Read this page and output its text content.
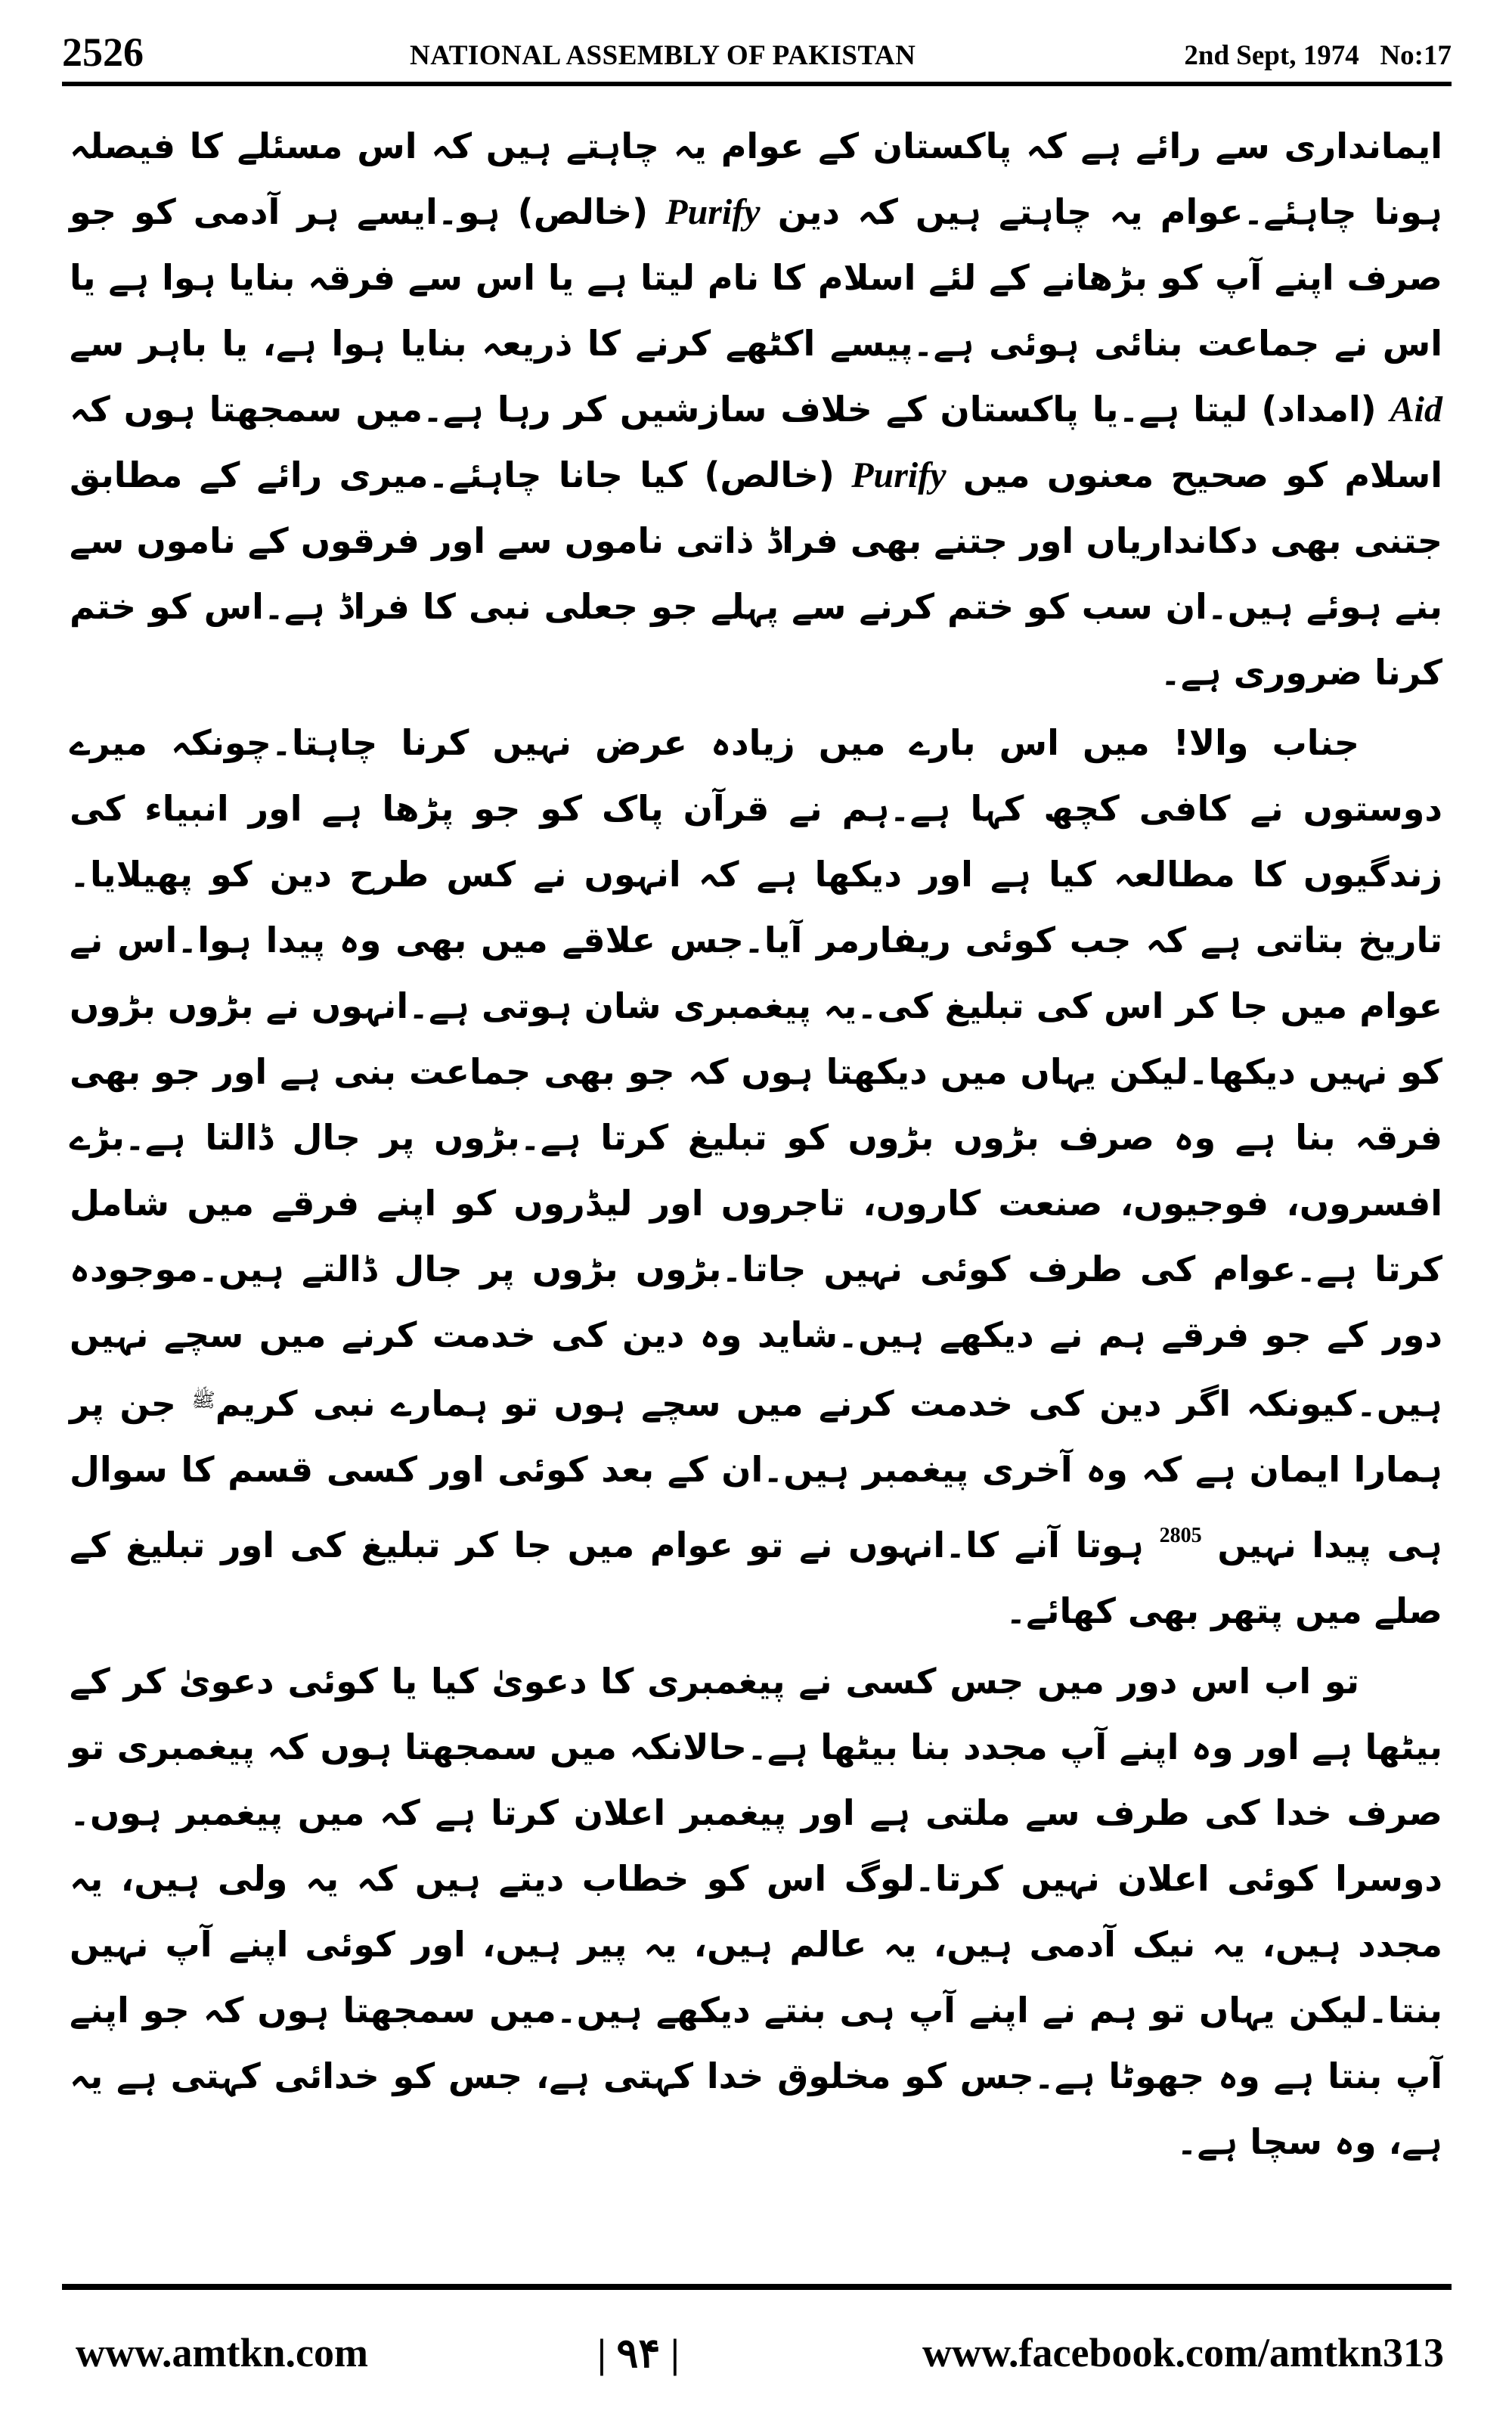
2526	NATIONAL ASSEMBLY OF PAKISTAN	2nd Sept, 1974 No:17

ایمانداری سے رائے ہے کہ پاکستان کے عوام یہ چاہتے ہیں کہ اس مسئلے کا فیصلہ ہونا چاہئے۔عوام یہ چاہتے ہیں کہ دین Purify (خالص) ہو۔ایسے ہر آدمی کو جو صرف اپنے آپ کو بڑھانے کے لئے اسلام کا نام لیتا ہے یا اس سے فرقہ بنایا ہوا ہے یا اس نے جماعت بنائی ہوئی ہے۔پیسے اکٹھے کرنے کا ذریعہ بنایا ہوا ہے، یا باہر سے Aid (امداد) لیتا ہے۔یا پاکستان کے خلاف سازشیں کر رہا ہے۔میں سمجھتا ہوں کہ اسلام کو صحیح معنوں میں Purify (خالص) کیا جانا چاہئے۔میری رائے کے مطابق جتنی بھی دکانداریاں اور جتنے بھی فراڈ ذاتی ناموں سے اور فرقوں کے ناموں سے بنے ہوئے ہیں۔ان سب کو ختم کرنے سے پہلے جو جعلی نبی کا فراڈ ہے۔اس کو ختم کرنا ضروری ہے۔

جناب والا! میں اس بارے میں زیادہ عرض نہیں کرنا چاہتا۔چونکہ میرے دوستوں نے کافی کچھ کہا ہے۔ہم نے قرآن پاک کو جو پڑھا ہے اور انبیاء کی زندگیوں کا مطالعہ کیا ہے اور دیکھا ہے کہ انہوں نے کس طرح دین کو پھیلایا۔تاریخ بتاتی ہے کہ جب کوئی ریفارمر آیا۔جس علاقے میں بھی وہ پیدا ہوا۔اس نے عوام میں جا کر اس کی تبلیغ کی۔یہ پیغمبری شان ہوتی ہے۔انہوں نے بڑوں بڑوں کو نہیں دیکھا۔لیکن یہاں میں دیکھتا ہوں کہ جو بھی جماعت بنی ہے اور جو بھی فرقہ بنا ہے وہ صرف بڑوں بڑوں کو تبلیغ کرتا ہے۔بڑوں پر جال ڈالتا ہے۔بڑے افسروں، فوجیوں، صنعت کاروں، تاجروں اور لیڈروں کو اپنے فرقے میں شامل کرتا ہے۔عوام کی طرف کوئی نہیں جاتا۔بڑوں بڑوں پر جال ڈالتے ہیں۔موجودہ دور کے جو فرقے ہم نے دیکھے ہیں۔شاید وہ دین کی خدمت کرنے میں سچے نہیں ہیں۔کیونکہ اگر دین کی خدمت کرنے میں سچے ہوں تو ہمارے نبی کریم$^ﷺ$ جن پر ہمارا ایمان ہے کہ وہ آخری پیغمبر ہیں۔ان کے بعد کوئی اور کسی قسم کا سوال ہی پیدا نہیں $^{2805}$ ہوتا آنے کا۔انہوں نے تو عوام میں جا کر تبلیغ کی اور تبلیغ کے صلے میں پتھر بھی کھائے۔

تو اب اس دور میں جس کسی نے پیغمبری کا دعویٰ کیا یا کوئی دعویٰ کر کے بیٹھا ہے اور وہ اپنے آپ مجدد بنا بیٹھا ہے۔حالانکہ میں سمجھتا ہوں کہ پیغمبری تو صرف خدا کی طرف سے ملتی ہے اور پیغمبر اعلان کرتا ہے کہ میں پیغمبر ہوں۔دوسرا کوئی اعلان نہیں کرتا۔لوگ اس کو خطاب دیتے ہیں کہ یہ ولی ہیں، یہ مجدد ہیں، یہ نیک آدمی ہیں، یہ عالم ہیں، یہ پیر ہیں، اور کوئی اپنے آپ نہیں بنتا۔لیکن یہاں تو ہم نے اپنے آپ ہی بنتے دیکھے ہیں۔میں سمجھتا ہوں کہ جو اپنے آپ بنتا ہے وہ جھوٹا ہے۔جس کو مخلوق خدا کہتی ہے، جس کو خدائی کہتی ہے یہ ہے، وہ سچا ہے۔

www.amtkn.com	| ۹۴ |	www.facebook.com/amtkn313
